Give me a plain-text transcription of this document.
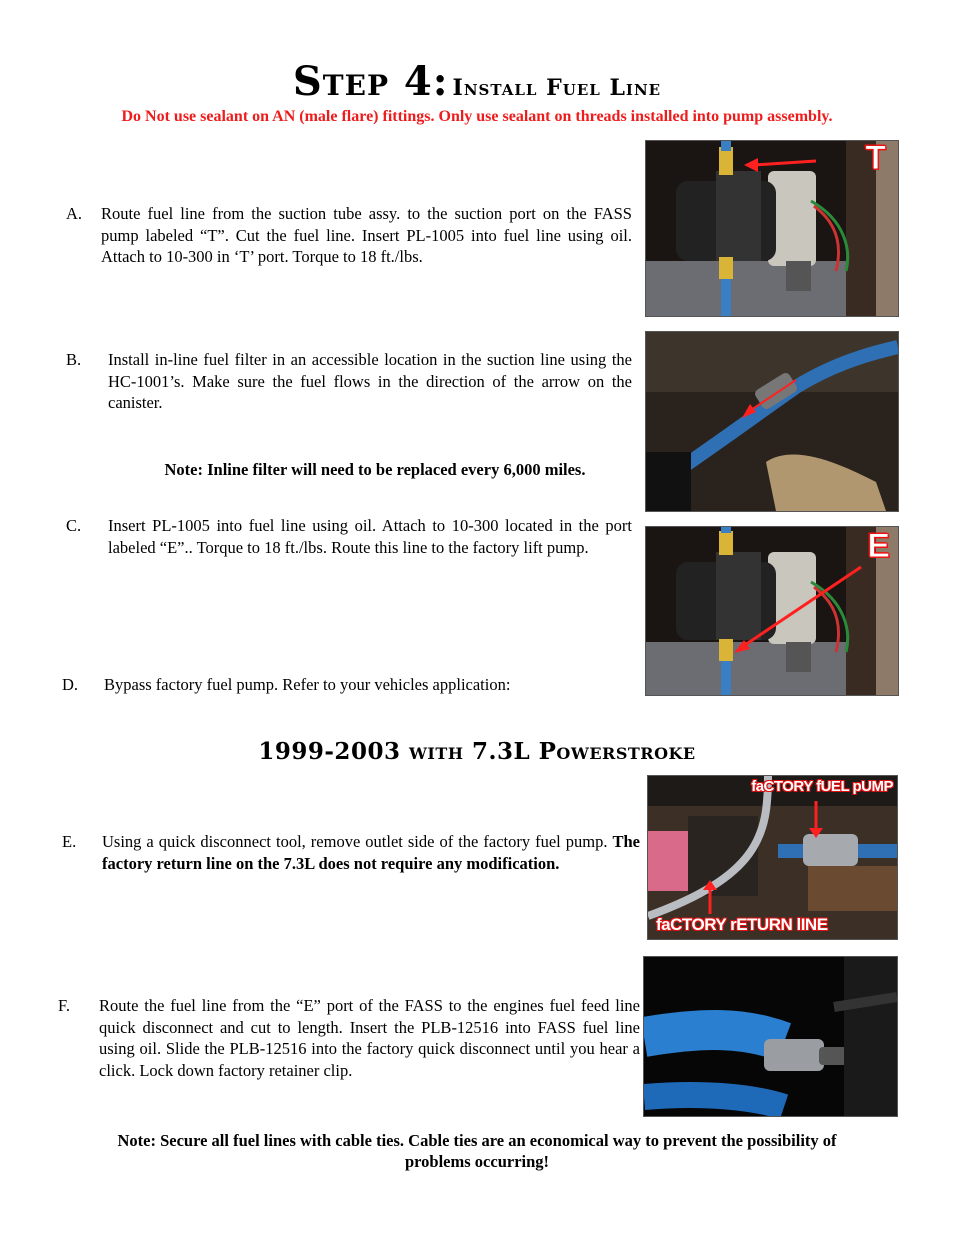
Step 4: Install Fuel Line
Do Not use sealant on AN (male flare) fittings. Only use sealant on threads installed into pump assembly.
A. Route fuel line from the suction tube assy. to the suction port on the FASS pump labeled “T”. Cut the fuel line. Insert PL-1005 into fuel line using oil. Attach to 10-300 in ‘T’ port. Torque to 18 ft./lbs.
T
B. Install in-line fuel filter in an accessible location in the suction line using the HC-1001’s. Make sure the fuel flows in the direction of the arrow on the canister.
Note: Inline filter will need to be replaced every 6,000 miles.
C. Insert PL-1005 into fuel line using oil. Attach to 10-300 located in the port labeled “E”.. Torque to 18 ft./lbs. Route this line to the factory lift pump.	E
D. Bypass factory fuel pump. Refer to your vehicles application:
1999-2003 with 7.3L Powerstroke
E. Using a quick disconnect tool, remove outlet side of the factory fuel pump. The factory return line on the 7.3L does not require any modification.
faCTORY fUEL pUMP
faCTORY rETURN lINE
F. Route the fuel line from the “E” port of the FASS to the engines fuel feed line quick disconnect and cut to length. Insert the PLB-12516 into FASS fuel line using oil. Slide the PLB-12516 into the factory quick disconnect until you hear a click. Lock down factory retainer clip.
Note: Secure all fuel lines with cable ties. Cable ties are an economical way to prevent the possibility of problems occurring!
